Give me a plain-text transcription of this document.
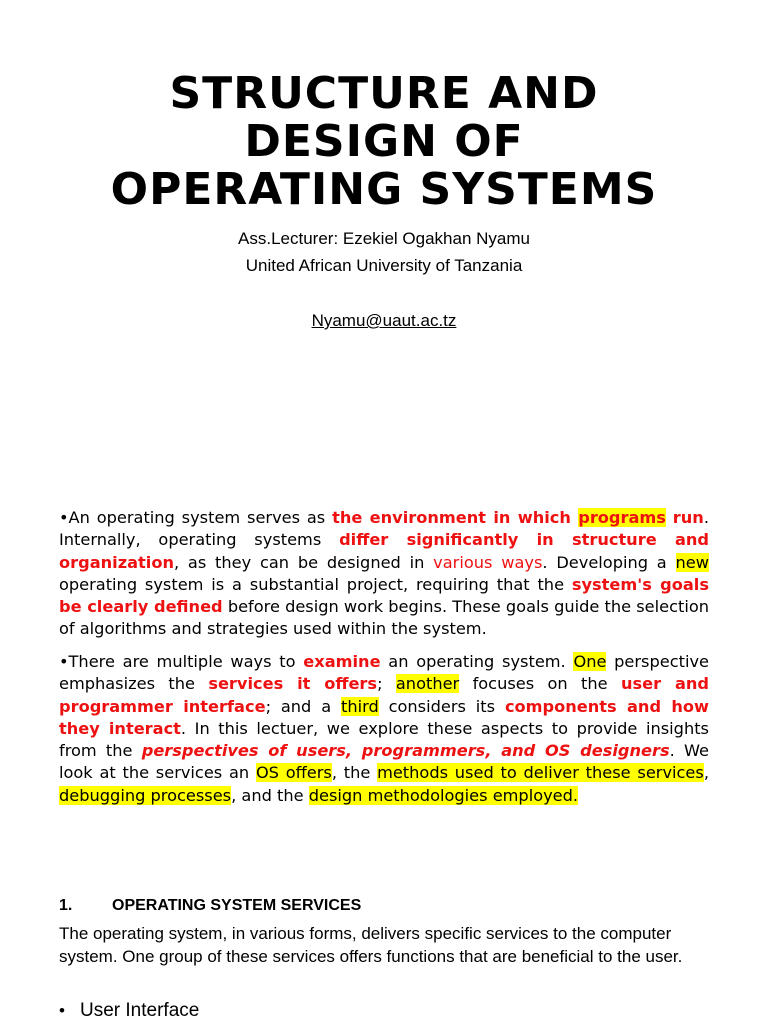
STRUCTURE AND
DESIGN OF
OPERATING SYSTEMS
Ass.Lecturer: Ezekiel Ogakhan Nyamu
United African University of Tanzania
Nyamu@uaut.ac.tz

•An operating system serves as the environment in which programs run. Internally, operating systems differ significantly in structure and organization, as they can be designed in various ways. Developing a new operating system is a substantial project, requiring that the system's goals be clearly defined before design work begins. These goals guide the selection of algorithms and strategies used within the system.

•There are multiple ways to examine an operating system. One perspective emphasizes the services it offers; another focuses on the user and programmer interface; and a third considers its components and how they interact. In this lectuer, we explore these aspects to provide insights from the perspectives of users, programmers, and OS designers. We look at the services an OS offers, the methods used to deliver these services, debugging processes, and the design methodologies employed.

1. OPERATING SYSTEM SERVICES

The operating system, in various forms, delivers specific services to the computer system. One group of these services offers functions that are beneficial to the user.

• User Interface
